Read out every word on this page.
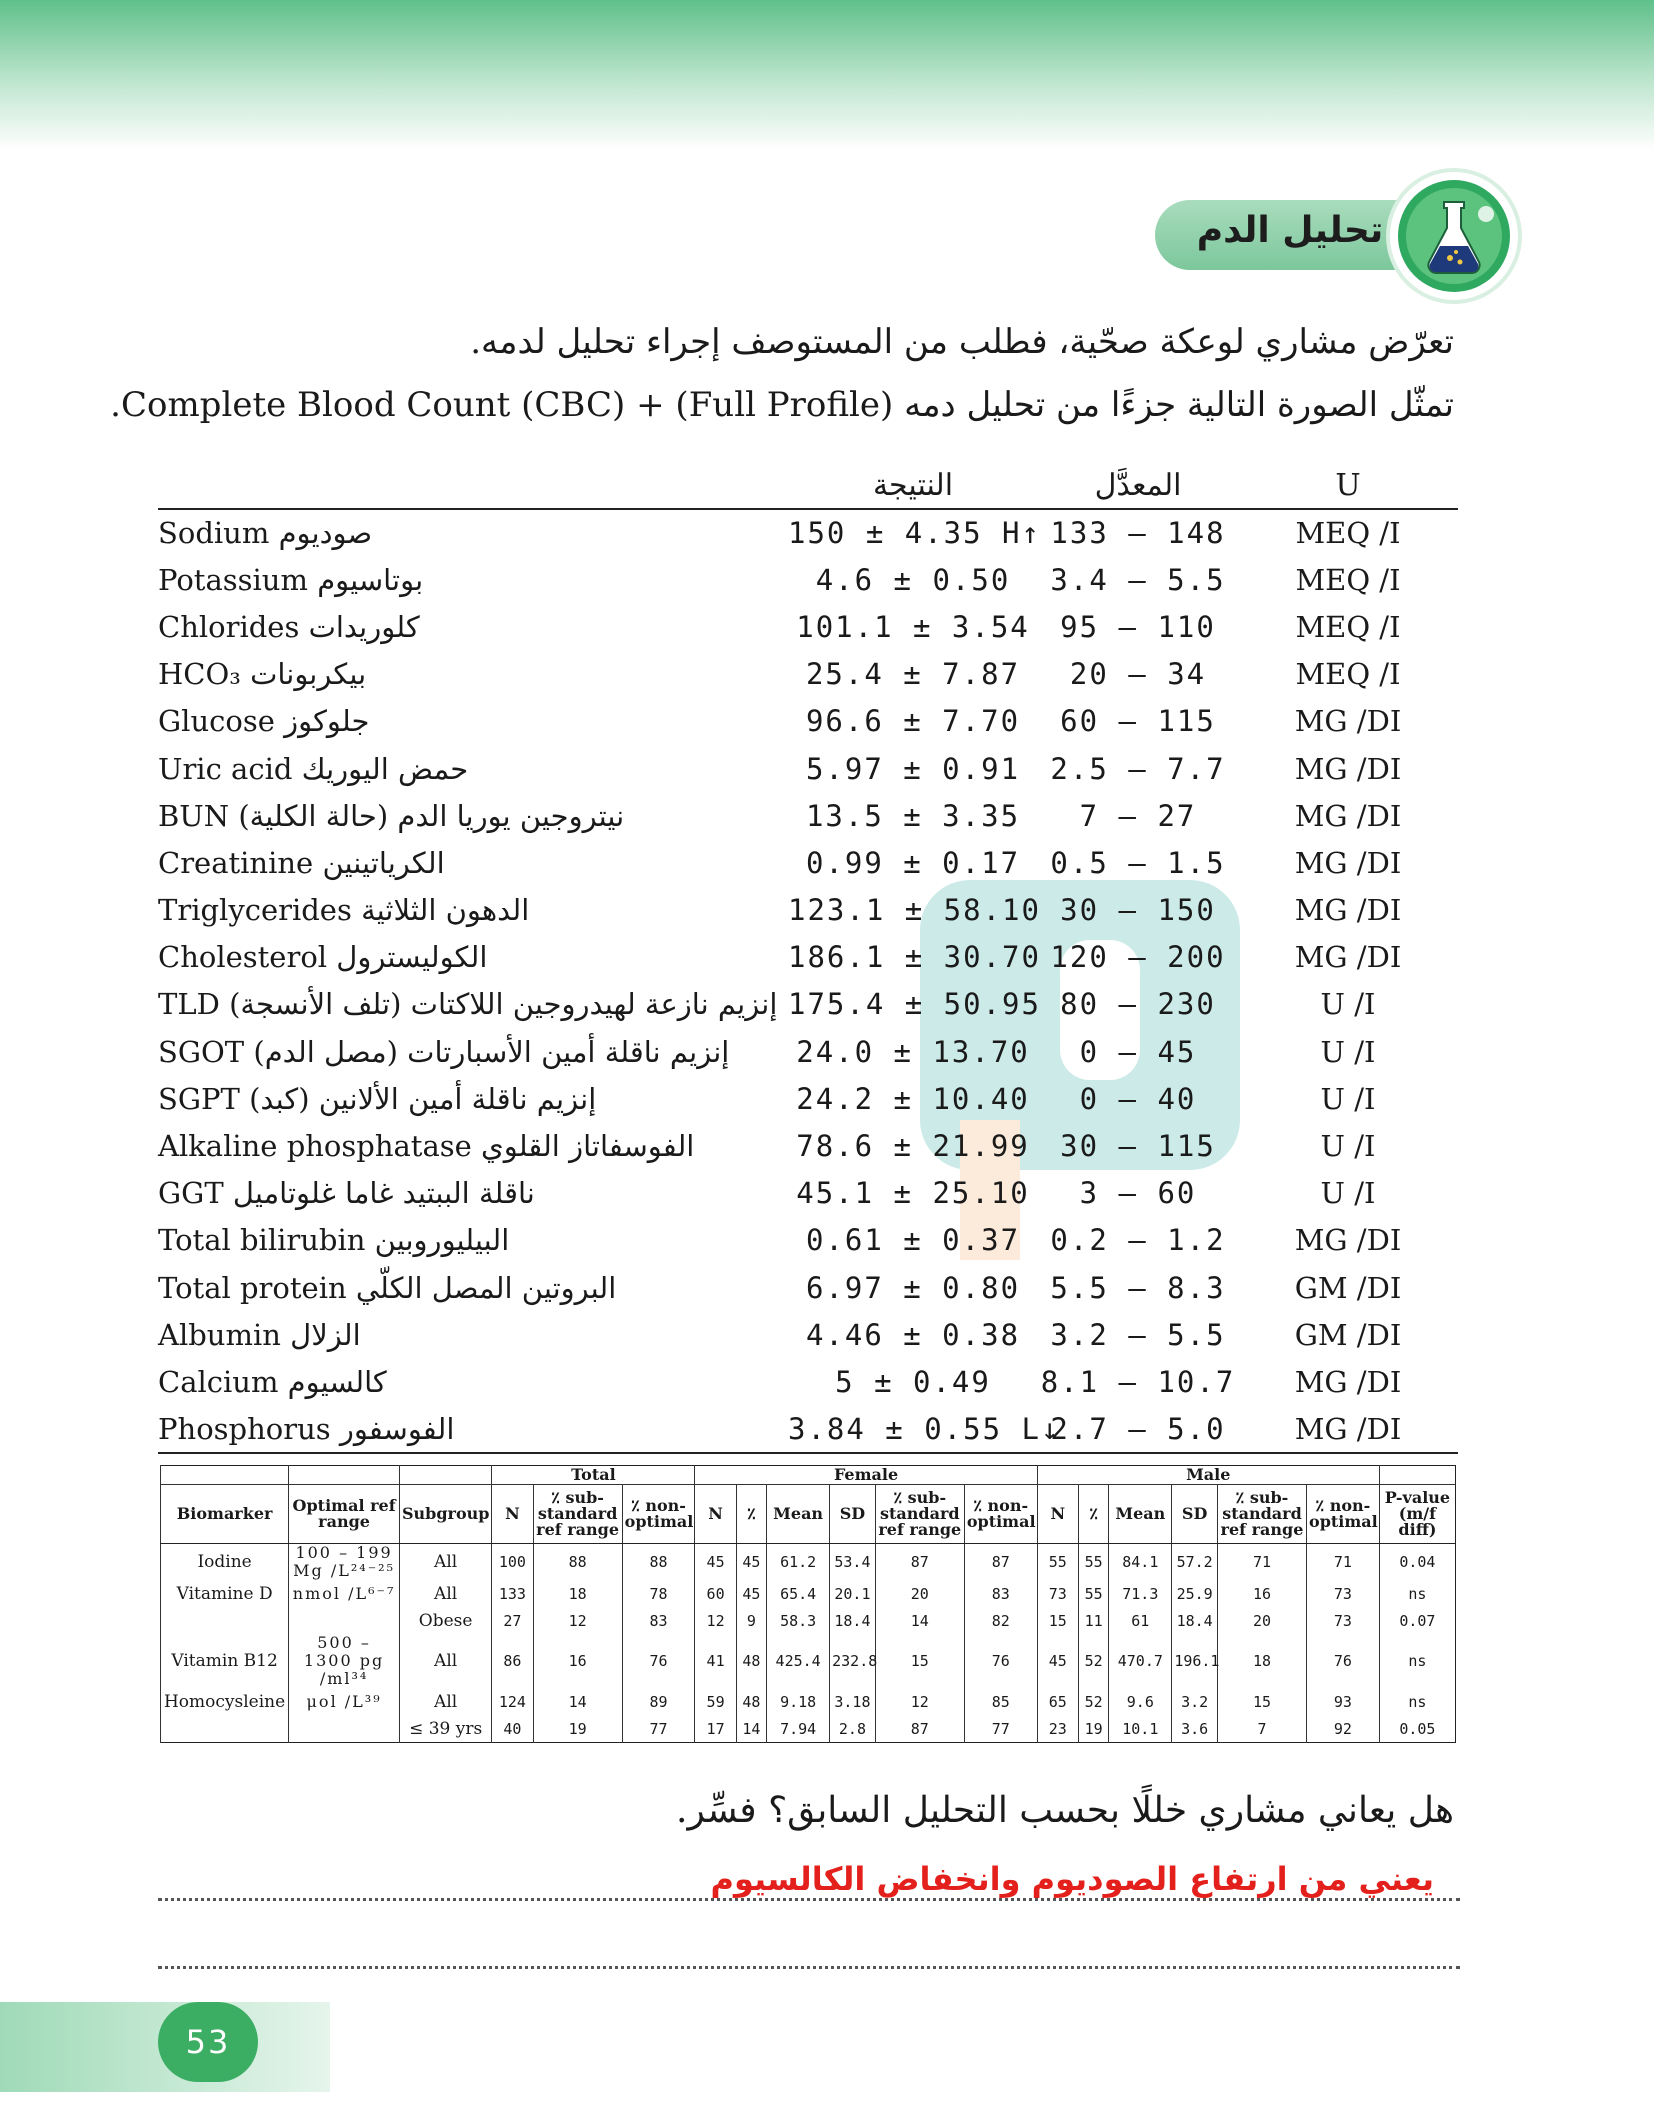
تحليل الدم
تعرّض مشاري لوعكة صحّية، فطلب من المستوصف إجراء تحليل لدمه.
تمثّل الصورة التالية جزءًا من تحليل دمه (Full Profile) + Complete Blood Count (CBC).
	النتيجة	المعدَّل	U
Sodium صوديوم	150 ± 4.35 H↑	133 – 148	MEQ /I
Potassium بوتاسيوم	4.6 ± 0.50	3.4 – 5.5	MEQ /I
Chlorides كلوريدات	101.1 ± 3.54	95 – 110	MEQ /I
HCO₃ بيكربونات	25.4 ± 7.87	20 – 34	MEQ /I
Glucose جلوكوز	96.6 ± 7.70	60 – 115	MG /DI
Uric acid حمض اليوريك	5.97 ± 0.91	2.5 – 7.7	MG /DI
BUN نيتروجين يوريا الدم (حالة الكلية)	13.5 ± 3.35	7 – 27	MG /DI
Creatinine الكرياتينين	0.99 ± 0.17	0.5 – 1.5	MG /DI
Triglycerides الدهون الثلاثية	123.1 ± 58.10	30 – 150	MG /DI
Cholesterol الكوليسترول	186.1 ± 30.70	120 – 200	MG /DI
TLD إنزيم نازعة لهيدروجين اللاكتات (تلف الأنسجة)	175.4 ± 50.95	80 – 230	U /I
SGOT إنزيم ناقلة أمين الأسبارتات (مصل الدم)	24.0 ± 13.70	0 – 45	U /I
SGPT إنزيم ناقلة أمين الألانين (كبد)	24.2 ± 10.40	0 – 40	U /I
Alkaline phosphatase الفوسفاتاز القلوي	78.6 ± 21.99	30 – 115	U /I
GGT ناقلة الببتيد غاما غلوتاميل	45.1 ± 25.10	3 – 60	U /I
Total bilirubin البيليوروبين	0.61 ± 0.37	0.2 – 1.2	MG /DI
Total protein البروتين المصل الكلّي	6.97 ± 0.80	5.5 – 8.3	GM /DI
Albumin الزلال	4.46 ± 0.38	3.2 – 5.5	GM /DI
Calcium كالسيوم	5 ± 0.49	8.1 – 10.7	MG /DI
Phosphorus الفوسفور	3.84 ± 0.55 L↓	2.7 – 5.0	MG /DI
			Total			Female						Male						
Biomarker	Optimal ref range	Subgroup	N	٪ sub-standard ref range	٪ non-optimal	N	٪	Mean	SD	٪ sub-standard ref range	٪ non-optimal	N	٪	Mean	SD	٪ sub-standard ref range	٪ non-optimal	P-value (m/f diff)
Iodine	100 – 199 Mg /L²⁴⁻²⁵	All	100	88	88	45	45	61.2	53.4	87	87	55	55	84.1	57.2	71	71	0.04
Vitamine D	nmol /L⁶⁻⁷	All	133	18	78	60	45	65.4	20.1	20	83	73	55	71.3	25.9	16	73	ns
		Obese	27	12	83	12	9	58.3	18.4	14	82	15	11	61	18.4	20	73	0.07
Vitamin B12	500 – 1300 pg /ml³⁴	All	86	16	76	41	48	425.4	232.8	15	76	45	52	470.7	196.1	18	76	ns
Homocysleine	μol /L³⁹	All	124	14	89	59	48	9.18	3.18	12	85	65	52	9.6	3.2	15	93	ns
		≤ 39 yrs	40	19	77	17	14	7.94	2.8	87	77	23	19	10.1	3.6	7	92	0.05
هل يعاني مشاري خللًا بحسب التحليل السابق؟ فسِّر.
يعني من ارتفاع الصوديوم وانخفاض الكالسيوم
53
